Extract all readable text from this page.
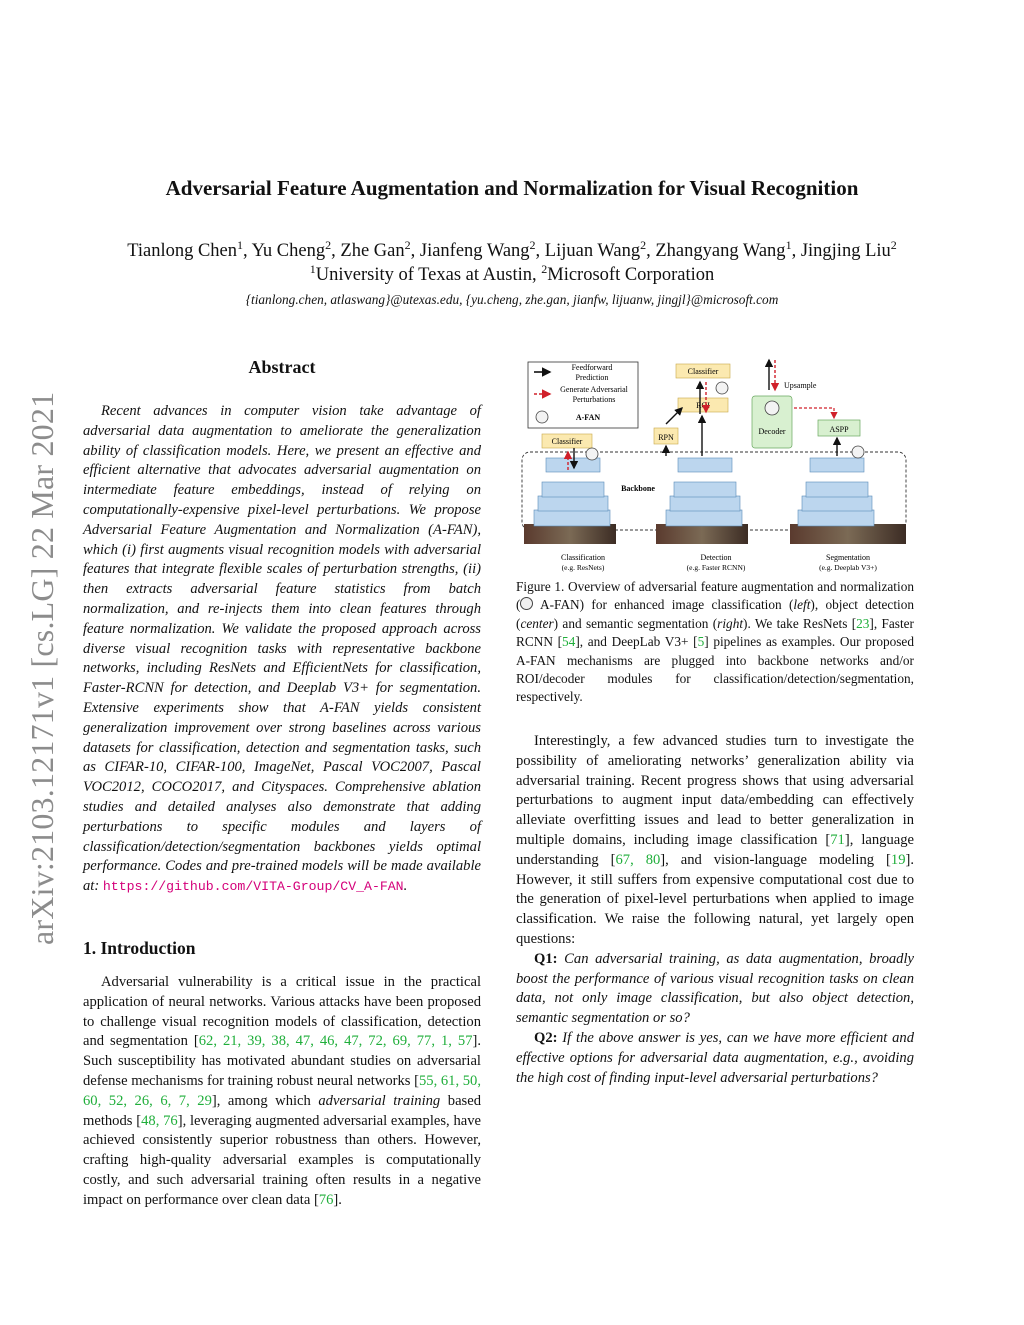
arXiv:2103.12171v1 [cs.LG] 22 Mar 2021
Adversarial Feature Augmentation and Normalization for Visual Recognition
Tianlong Chen$^1$, Yu Cheng$^2$, Zhe Gan$^2$, Jianfeng Wang$^2$, Lijuan Wang$^2$, Zhangyang Wang$^1$, Jingjing Liu$^2$
$^1$University of Texas at Austin, $^2$Microsoft Corporation
{tianlong.chen, atlaswang}@utexas.edu, {yu.cheng, zhe.gan, jianfw, lijuanw, jingjl}@microsoft.com
Abstract

Recent advances in computer vision take advantage of adversarial data augmentation to ameliorate the generalization ability of classification models. Here, we present an effective and efficient alternative that advocates adversarial augmentation on intermediate feature embeddings, instead of relying on computationally-expensive pixel-level perturbations. We propose Adversarial Feature Augmentation and Normalization (A-FAN), which (i) first augments visual recognition models with adversarial features that integrate flexible scales of perturbation strengths, (ii) then extracts adversarial feature statistics from batch normalization, and re-injects them into clean features through feature normalization. We validate the proposed approach across diverse visual recognition tasks with representative backbone networks, including ResNets and EfficientNets for classification, Faster-RCNN for detection, and Deeplab V3+ for segmentation. Extensive experiments show that A-FAN yields consistent generalization improvement over strong baselines across various datasets for classification, detection and segmentation tasks, such as CIFAR-10, CIFAR-100, ImageNet, Pascal VOC2007, Pascal VOC2012, COCO2017, and Cityspaces. Comprehensive ablation studies and detailed analyses also demonstrate that adding perturbations to specific modules and layers of classification/detection/segmentation backbones yields optimal performance. Codes and pre-trained models will be made available at: https://github.com/VITA-Group/CV_A-FAN.

1. Introduction

Adversarial vulnerability is a critical issue in the practical application of neural networks. Various attacks have been proposed to challenge visual recognition models of classification, detection and segmentation [62, 21, 39, 38, 47, 46, 47, 72, 69, 77, 1, 57]. Such susceptibility has motivated abundant studies on adversarial defense mechanisms for training robust neural networks [55, 61, 50, 60, 52, 26, 6, 7, 29], among which adversarial training based methods [48, 76], leveraging augmented adversarial examples, have achieved consistently superior robustness than others. However, crafting high-quality adversarial examples is computationally costly, and such adversarial training often results in a negative impact on performance over clean data [76].

Feedforward
Prediction
Generate Adversarial
Perturbations
A-FAN
Backbone
Classifier
Classification
(e.g. ResNets)
RPN
ROI
Classifier
Detection
(e.g. Faster RCNN)
Decoder	ASPP
Upsample
Segmentation
(e.g. Deeplab V3+)
Figure 1. Overview of adversarial feature augmentation and normalization ( A-FAN) for enhanced image classification (left), object detection (center) and semantic segmentation (right). We take ResNets [23], Faster RCNN [54], and DeepLab V3+ [5] pipelines as examples. Our proposed A-FAN mechanisms are plugged into backbone networks and/or ROI/decoder modules for classification/detection/segmentation, respectively.

Interestingly, a few advanced studies turn to investigate the possibility of ameliorating networks’ generalization ability via adversarial training. Recent progress shows that using adversarial perturbations to augment input data/embedding can effectively alleviate overfitting issues and lead to better generalization in multiple domains, including image classification [71], language understanding [67, 80], and vision-language modeling [19]. However, it still suffers from expensive computational cost due to the generation of pixel-level perturbations when applied to image classification. We raise the following natural, yet largely open questions:

Q1: Can adversarial training, as data augmentation, broadly boost the performance of various visual recognition tasks on clean data, not only image classification, but also object detection, semantic segmentation or so?

Q2: If the above answer is yes, can we have more efficient and effective options for adversarial data augmentation, e.g., avoiding the high cost of finding input-level adversarial perturbations?
